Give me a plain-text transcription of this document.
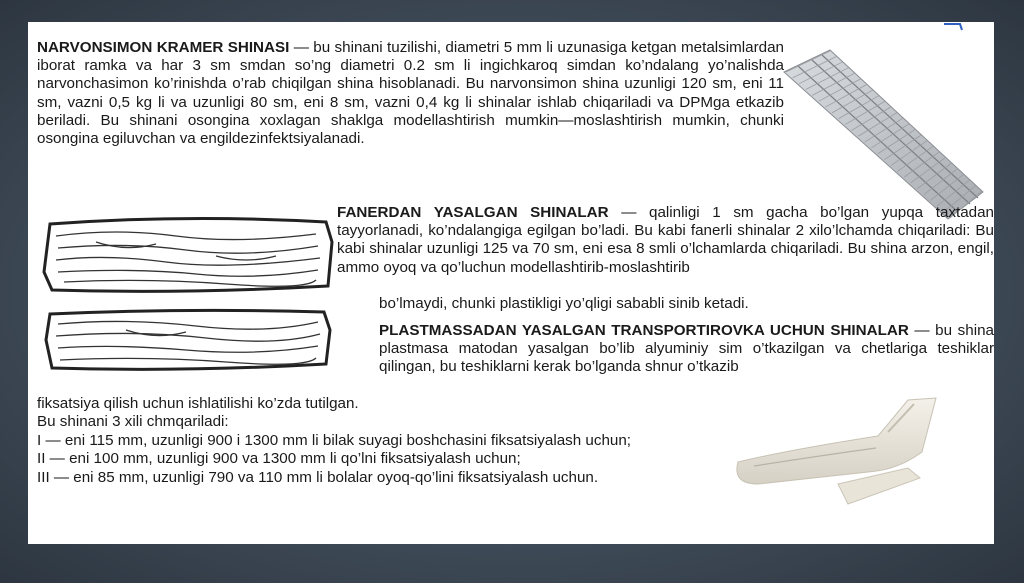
NARVONSIMON KRAMER SHINASI — bu shinani tuzilishi, diametri 5 mm li uzunasiga ketgan metalsimlardan iborat ramka va har 3 sm smdan so’ng diametri 0.2 sm li ingichkaroq simdan ko’ndalang yo’nalishda narvonchasimon ko’rinishda o’rab chiqilgan shina hisoblanadi. Bu narvonsimon shina uzunligi 120 sm, eni 11 sm, vazni 0,5 kg li va uzunligi 80 sm, eni 8 sm, vazni 0,4 kg li shinalar ishlab chiqariladi va DPMga etkazib beriladi. Bu shinani osongina xoxlagan shaklga modellashtirish mumkin—moslashtirish mumkin, chunki osongina egiluvchan va engildezinfektsiyalanadi.
FANERDAN YASALGAN SHINALAR — qalinligi 1 sm gacha bo’lgan yupqa taxtadan tayyorlanadi, ko’ndalangiga egilgan bo’ladi. Bu kabi fanerli shinalar 2 xilo’lchamda chiqariladi: Bu kabi shinalar uzunligi 125 va 70 sm, eni esa 8 smli o’lchamlarda chiqariladi. Bu shina arzon, engil, ammo oyoq va qo’luchun modellashtirib-moslashtirib
bo’lmaydi, chunki plastikligi yo’qligi sababli sinib ketadi.
PLASTMASSADAN YASALGAN TRANSPORTIROVKA UCHUN SHINALAR — bu shina plastmasa matodan yasalgan bo’lib alyuminiy sim o’tkazilgan va chetlariga teshiklar qilingan, bu teshiklarni kerak bo’lganda shnur o’tkazib
fiksatsiya qilish uchun ishlatilishi ko’zda tutilgan.
Bu shinani 3 xili chmqariladi:
I — eni 115 mm, uzunligi 900 i 1300 mm li bilak suyagi boshchasini fiksatsiyalash uchun;
II — eni 100 mm, uzunligi 900 va 1300 mm li qo’lni fiksatsiyalash uchun;
III — eni 85 mm, uzunligi 790 va 110 mm li bolalar oyoq-qo’lini fiksatsiyalash uchun.
